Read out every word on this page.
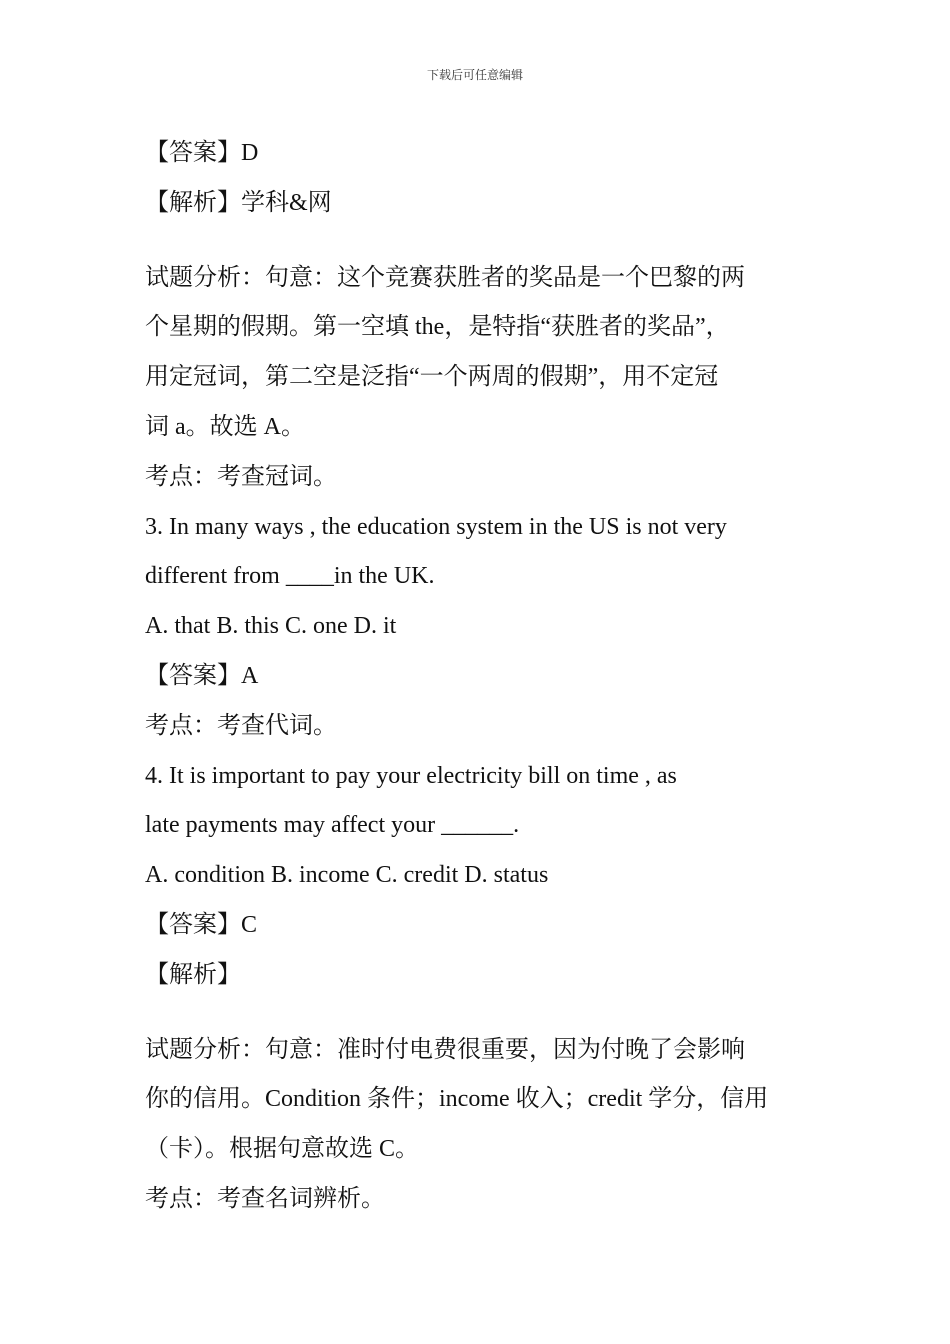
下载后可任意编辑
【答案】D
【解析】学科&网
试题分析：句意：这个竞赛获胜者的奖品是一个巴黎的两
个星期的假期。第一空填 the，是特指“获胜者的奖品”，
用定冠词，第二空是泛指“一个两周的假期”，用不定冠
词 a。故选 A。
考点：考查冠词。
3. In many ways , the education system in the US is not very
different from ____in the UK.
A. that B. this C. one D. it
【答案】A
考点：考查代词。
4. It is important to pay your electricity bill on time , as
late payments may affect your ______.
A. condition B. income C. credit D. status
【答案】C
【解析】
试题分析：句意：准时付电费很重要，因为付晚了会影响
你的信用。Condition 条件；income 收入；credit 学分，信用
（卡）。根据句意故选 C。
考点：考查名词辨析。
